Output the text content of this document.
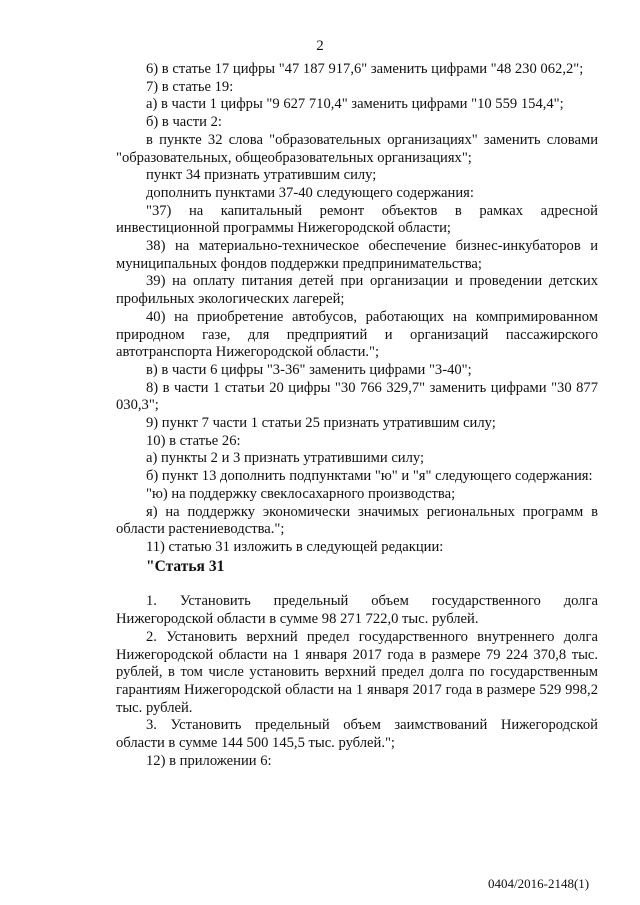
2

6) в статье 17 цифры "47 187 917,6" заменить цифрами "48 230 062,2";

7) в статье 19:

а) в части 1 цифры "9 627 710,4" заменить цифрами "10 559 154,4";

б) в части 2:

в пункте 32 слова "образовательных организациях" заменить словами "образовательных, общеобразовательных организациях";

пункт 34 признать утратившим силу;

дополнить пунктами 37-40 следующего содержания:

"37) на капитальный ремонт объектов в рамках адресной инвестиционной программы Нижегородской области;

38) на материально-техническое обеспечение бизнес-инкубаторов и муниципальных фондов поддержки предпринимательства;

39) на оплату питания детей при организации и проведении детских профильных экологических лагерей;

40) на приобретение автобусов, работающих на компримированном природном газе, для предприятий и организаций пассажирского автотранспорта Нижегородской области.";

в) в части 6 цифры "3-36" заменить цифрами "3-40";

8) в части 1 статьи 20 цифры "30 766 329,7" заменить цифрами "30 877 030,3";

9) пункт 7 части 1 статьи 25 признать утратившим силу;

10) в статье 26:

а) пункты 2 и 3 признать утратившими силу;

б) пункт 13 дополнить подпунктами "ю" и "я" следующего содержания:

"ю) на поддержку свеклосахарного производства;

я) на поддержку экономически значимых региональных программ в области растениеводства.";

11) статью 31 изложить в следующей редакции:

"Статья 31

1. Установить предельный объем государственного долга Нижегородской области в сумме 98 271 722,0 тыс. рублей.

2. Установить верхний предел государственного внутреннего долга Нижегородской области на 1 января 2017 года в размере 79 224 370,8 тыс. рублей, в том числе установить верхний предел долга по государственным гарантиям Нижегородской области на 1 января 2017 года в размере 529 998,2 тыс. рублей.

3. Установить предельный объем заимствований Нижегородской области в сумме 144 500 145,5 тыс. рублей.";

12) в приложении 6:

0404/2016-2148(1)
